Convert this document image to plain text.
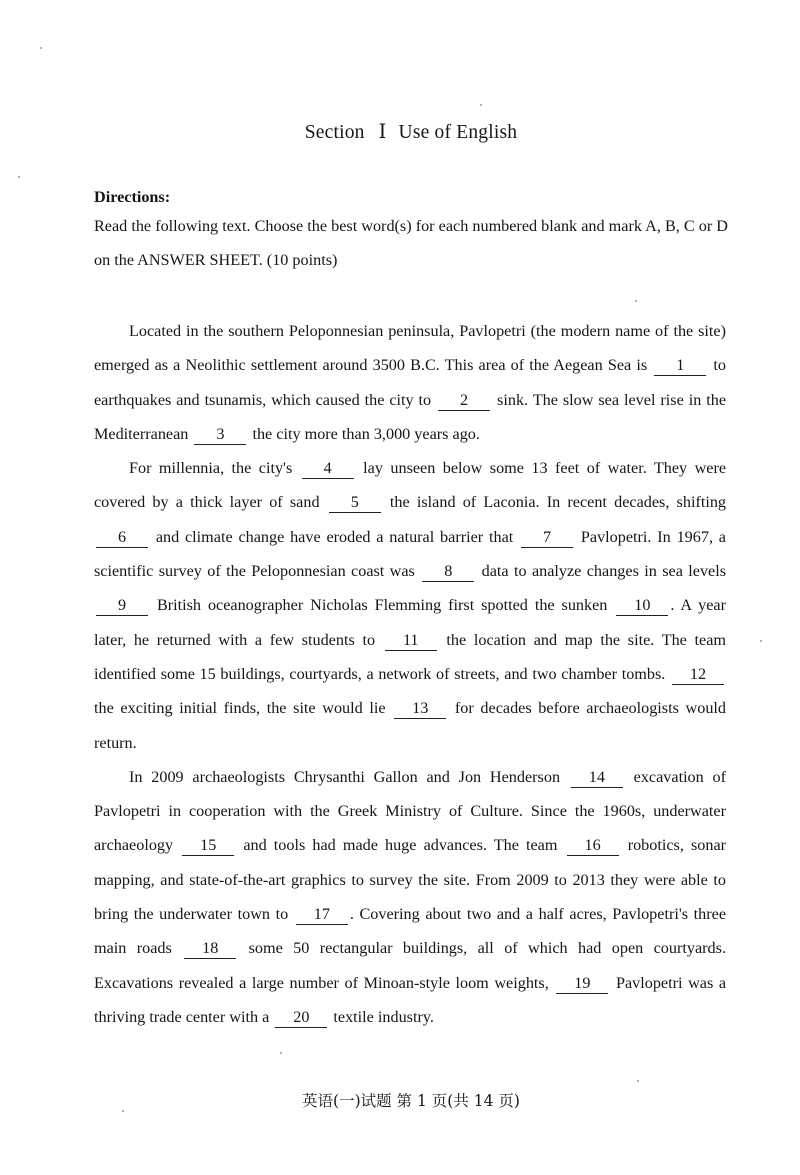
Section Ⅰ Use of English
Directions:
Read the following text. Choose the best word(s) for each numbered blank and mark A, B, C or D on the ANSWER SHEET. (10 points)

Located in the southern Peloponnesian peninsula, Pavlopetri (the modern name of the site) emerged as a Neolithic settlement around 3500 B.C. This area of the Aegean Sea is 1 to earthquakes and tsunamis, which caused the city to 2 sink. The slow sea level rise in the Mediterranean 3 the city more than 3,000 years ago.

For millennia, the city's 4 lay unseen below some 13 feet of water. They were covered by a thick layer of sand 5 the island of Laconia. In recent decades, shifting 6 and climate change have eroded a natural barrier that 7 Pavlopetri. In 1967, a scientific survey of the Peloponnesian coast was 8 data to analyze changes in sea levels 9 British oceanographer Nicholas Flemming first spotted the sunken 10 . A year later, he returned with a few students to 11 the location and map the site. The team identified some 15 buildings, courtyards, a network of streets, and two chamber tombs. 12 the exciting initial finds, the site would lie 13 for decades before archaeologists would return.

In 2009 archaeologists Chrysanthi Gallon and Jon Henderson 14 excavation of Pavlopetri in cooperation with the Greek Ministry of Culture. Since the 1960s, underwater archaeology 15 and tools had made huge advances. The team 16 robotics, sonar mapping, and state-of-the-art graphics to survey the site. From 2009 to 2013 they were able to bring the underwater town to 17 . Covering about two and a half acres, Pavlopetri's three main roads 18 some 50 rectangular buildings, all of which had open courtyards. Excavations revealed a large number of Minoan-style loom weights, 19 Pavlopetri was a thriving trade center with a 20 textile industry.

英语(一)试题 第 1 页(共 14 页)
